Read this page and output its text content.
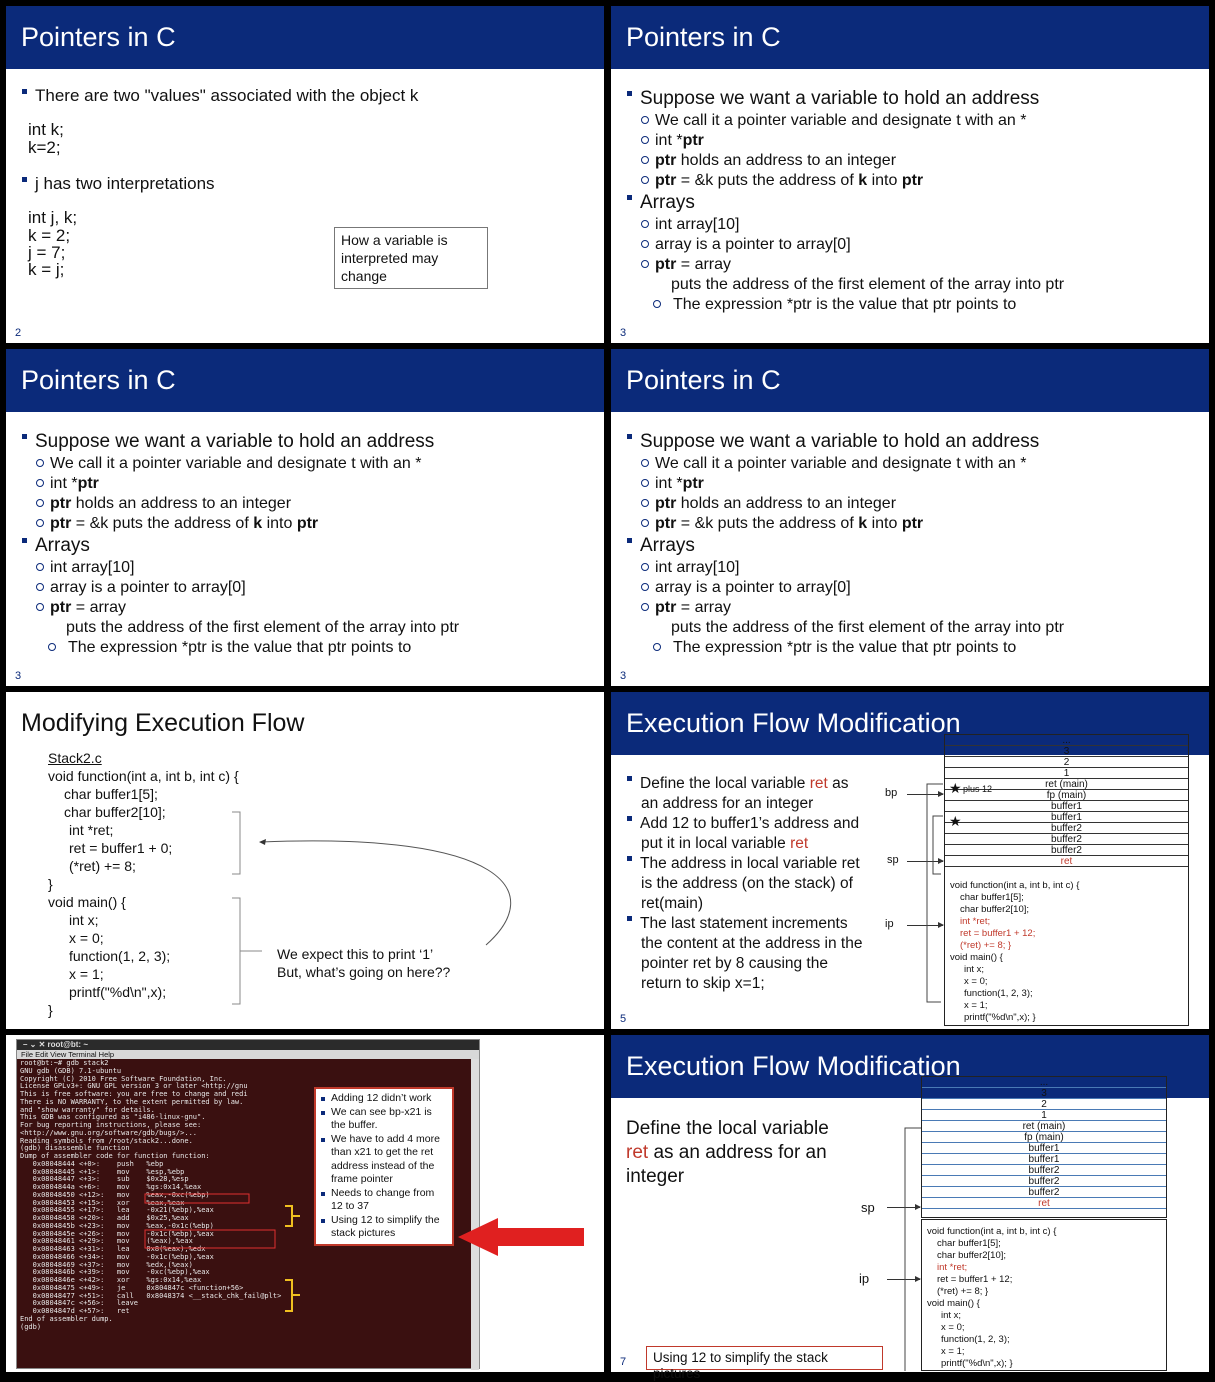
Pointers in C
There are two "values" associated with the object k
int k;
k=2;
j has two interpretations
int j, k;
k = 2;
j = 7;
k = j;
How a variable is interpreted may change
2
Pointers in C
Suppose we want a variable to hold an address
We call it a pointer variable and designate t with an *
int *ptr
ptr holds an address to an integer
ptr = &k puts the address of k into ptr
Arrays
int array[10]
array is a pointer to array[0]
ptr = array
puts the address of the first element of the array into ptr
The expression *ptr is the value that ptr points to
3
Pointers in C
Suppose we want a variable to hold an address
We call it a pointer variable and designate t with an *
int *ptr
ptr holds an address to an integer
ptr = &k puts the address of k into ptr
Arrays
int array[10]
array is a pointer to array[0]
ptr = array
puts the address of the first element of the array into ptr
The expression *ptr is the value that ptr points to
3
Pointers in C
Suppose we want a variable to hold an address
We call it a pointer variable and designate t with an *
int *ptr
ptr holds an address to an integer
ptr = &k puts the address of k into ptr
Arrays
int array[10]
array is a pointer to array[0]
ptr = array
puts the address of the first element of the array into ptr
The expression *ptr is the value that ptr points to
3
Modifying Execution Flow
Stack2.c
void function(int a, int b, int c) {
char buffer1[5];
char buffer2[10];
int *ret;
ret = buffer1 + 0;
(*ret) += 8;
}
void main() {
int x;
x = 0;
function(1, 2, 3);
x = 1;
printf("%d\n",x);
}
We expect this to print ‘1’
But, what’s going on here??
Execution Flow Modification
Define the local variable ret as
an address for an integer
Add 12 to buffer1’s address and
put it in local variable ret
The address in local variable ret
is the address (on the stack) of
ret(main)
The last statement increments
the content at the address in the
pointer ret by 8 causing the
return to skip x=1;
...
3
2
1
ret (main)
fp (main)
buffer1
buffer1
buffer2
buffer2
buffer2
ret
void function(int a, int b, int c) {
char buffer1[5];
char buffer2[10];
int *ret;
ret = buffer1 + 12;
(*ret) += 8; }
void main() {
int x;
x = 0;
function(1, 2, 3);
x = 1;
printf("%d\n",x); }
★ plus 12
★
bp
sp
ip
5
– ⌄ ✕ root@bt: ~
File Edit View Terminal Help
root@bt:~# gdb stack2
GNU gdb (GDB) 7.1-ubuntu
Copyright (C) 2010 Free Software Foundation, Inc.
License GPLv3+: GNU GPL version 3 or later <http://gnu
This is free software: you are free to change and redi
There is NO WARRANTY, to the extent permitted by law.
and "show warranty" for details.
This GDB was configured as "i486-linux-gnu".
For bug reporting instructions, please see:
<http://www.gnu.org/software/gdb/bugs/>...
Reading symbols from /root/stack2...done.
(gdb) disassemble function
Dump of assembler code for function function:
0x08048444 <+0>:    push   %ebp
0x08048445 <+1>:    mov    %esp,%ebp
0x08048447 <+3>:    sub    $0x28,%esp
0x0804844a <+6>:    mov    %gs:0x14,%eax
0x08048450 <+12>:   mov    %eax,-0xc(%ebp)
0x08048453 <+15>:   xor    %eax,%eax
0x08048455 <+17>:   lea    -0x21(%ebp),%eax
0x08048458 <+20>:   add    $0x25,%eax
0x0804845b <+23>:   mov    %eax,-0x1c(%ebp)
0x0804845e <+26>:   mov    -0x1c(%ebp),%eax
0x08048461 <+29>:   mov    (%eax),%eax
0x08048463 <+31>:   lea    0x8(%eax),%edx
0x08048466 <+34>:   mov    -0x1c(%ebp),%eax
0x08048469 <+37>:   mov    %edx,(%eax)
0x0804846b <+39>:   mov    -0xc(%ebp),%eax
0x0804846e <+42>:   xor    %gs:0x14,%eax
0x08048475 <+49>:   je     0x804847c <function+56>
0x08048477 <+51>:   call   0x8048374 <__stack_chk_fail@plt>
0x0804847c <+56>:   leave
0x0804847d <+57>:   ret
End of assembler dump.
(gdb)
Adding 12 didn’t work
We can see bp-x21 is the buffer.
We have to add 4 more than x21 to get the ret address instead of the frame pointer
Needs to change from 12 to 37
Using 12 to simplify the stack pictures
Execution Flow Modification
Define the local variable
ret as an address for an
integer
...
3
2
1
ret (main)
fp (main)
buffer1
buffer1
buffer2
buffer2
buffer2
ret
void function(int a, int b, int c) {
char buffer1[5];
char buffer2[10];
int *ret;
ret = buffer1 + 12;
(*ret) += 8; }
void main() {
int x;
x = 0;
function(1, 2, 3);
x = 1;
printf("%d\n",x); }
sp
ip
Using 12 to simplify the stack pictures
7
